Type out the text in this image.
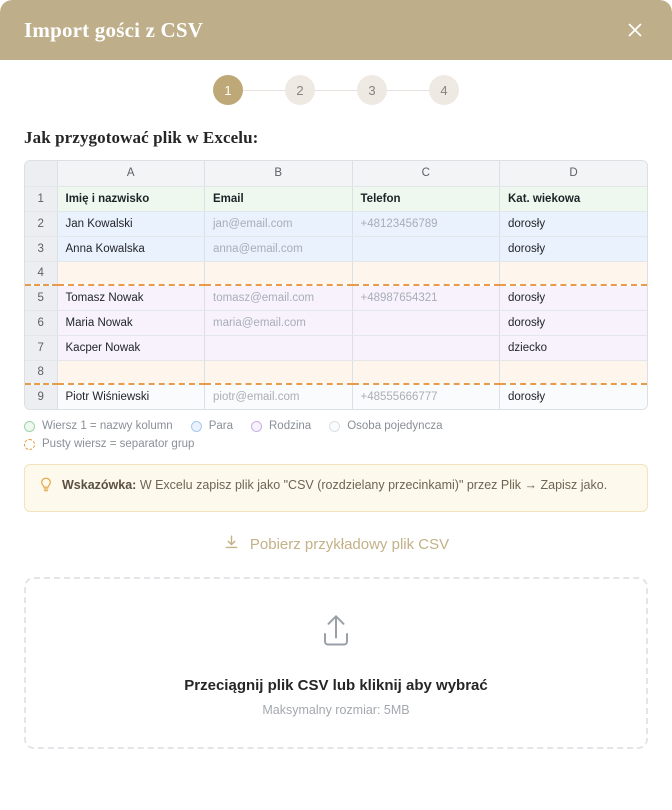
Import gości z CSV
1	2	3	4
Jak przygotować plik w Excelu:
	A	B	C	D
1	Imię i nazwisko	Email	Telefon	Kat. wiekowa
2	Jan Kowalski	jan@email.com	+48123456789	dorosły
3	Anna Kowalska	anna@email.com		dorosły
4				
5	Tomasz Nowak	tomasz@email.com	+48987654321	dorosły
6	Maria Nowak	maria@email.com		dorosły
7	Kacper Nowak			dziecko
8				
9	Piotr Wiśniewski	piotr@email.com	+48555666777	dorosły
Wiersz 1 = nazwy kolumn	Para	Rodzina	Osoba pojedyncza
Pusty wiersz = separator grup
Wskazówka: W Excelu zapisz plik jako "CSV (rozdzielany przecinkami)" przez Plik → Zapisz jako.
Pobierz przykładowy plik CSV
Przeciągnij plik CSV lub kliknij aby wybrać
Maksymalny rozmiar: 5MB
